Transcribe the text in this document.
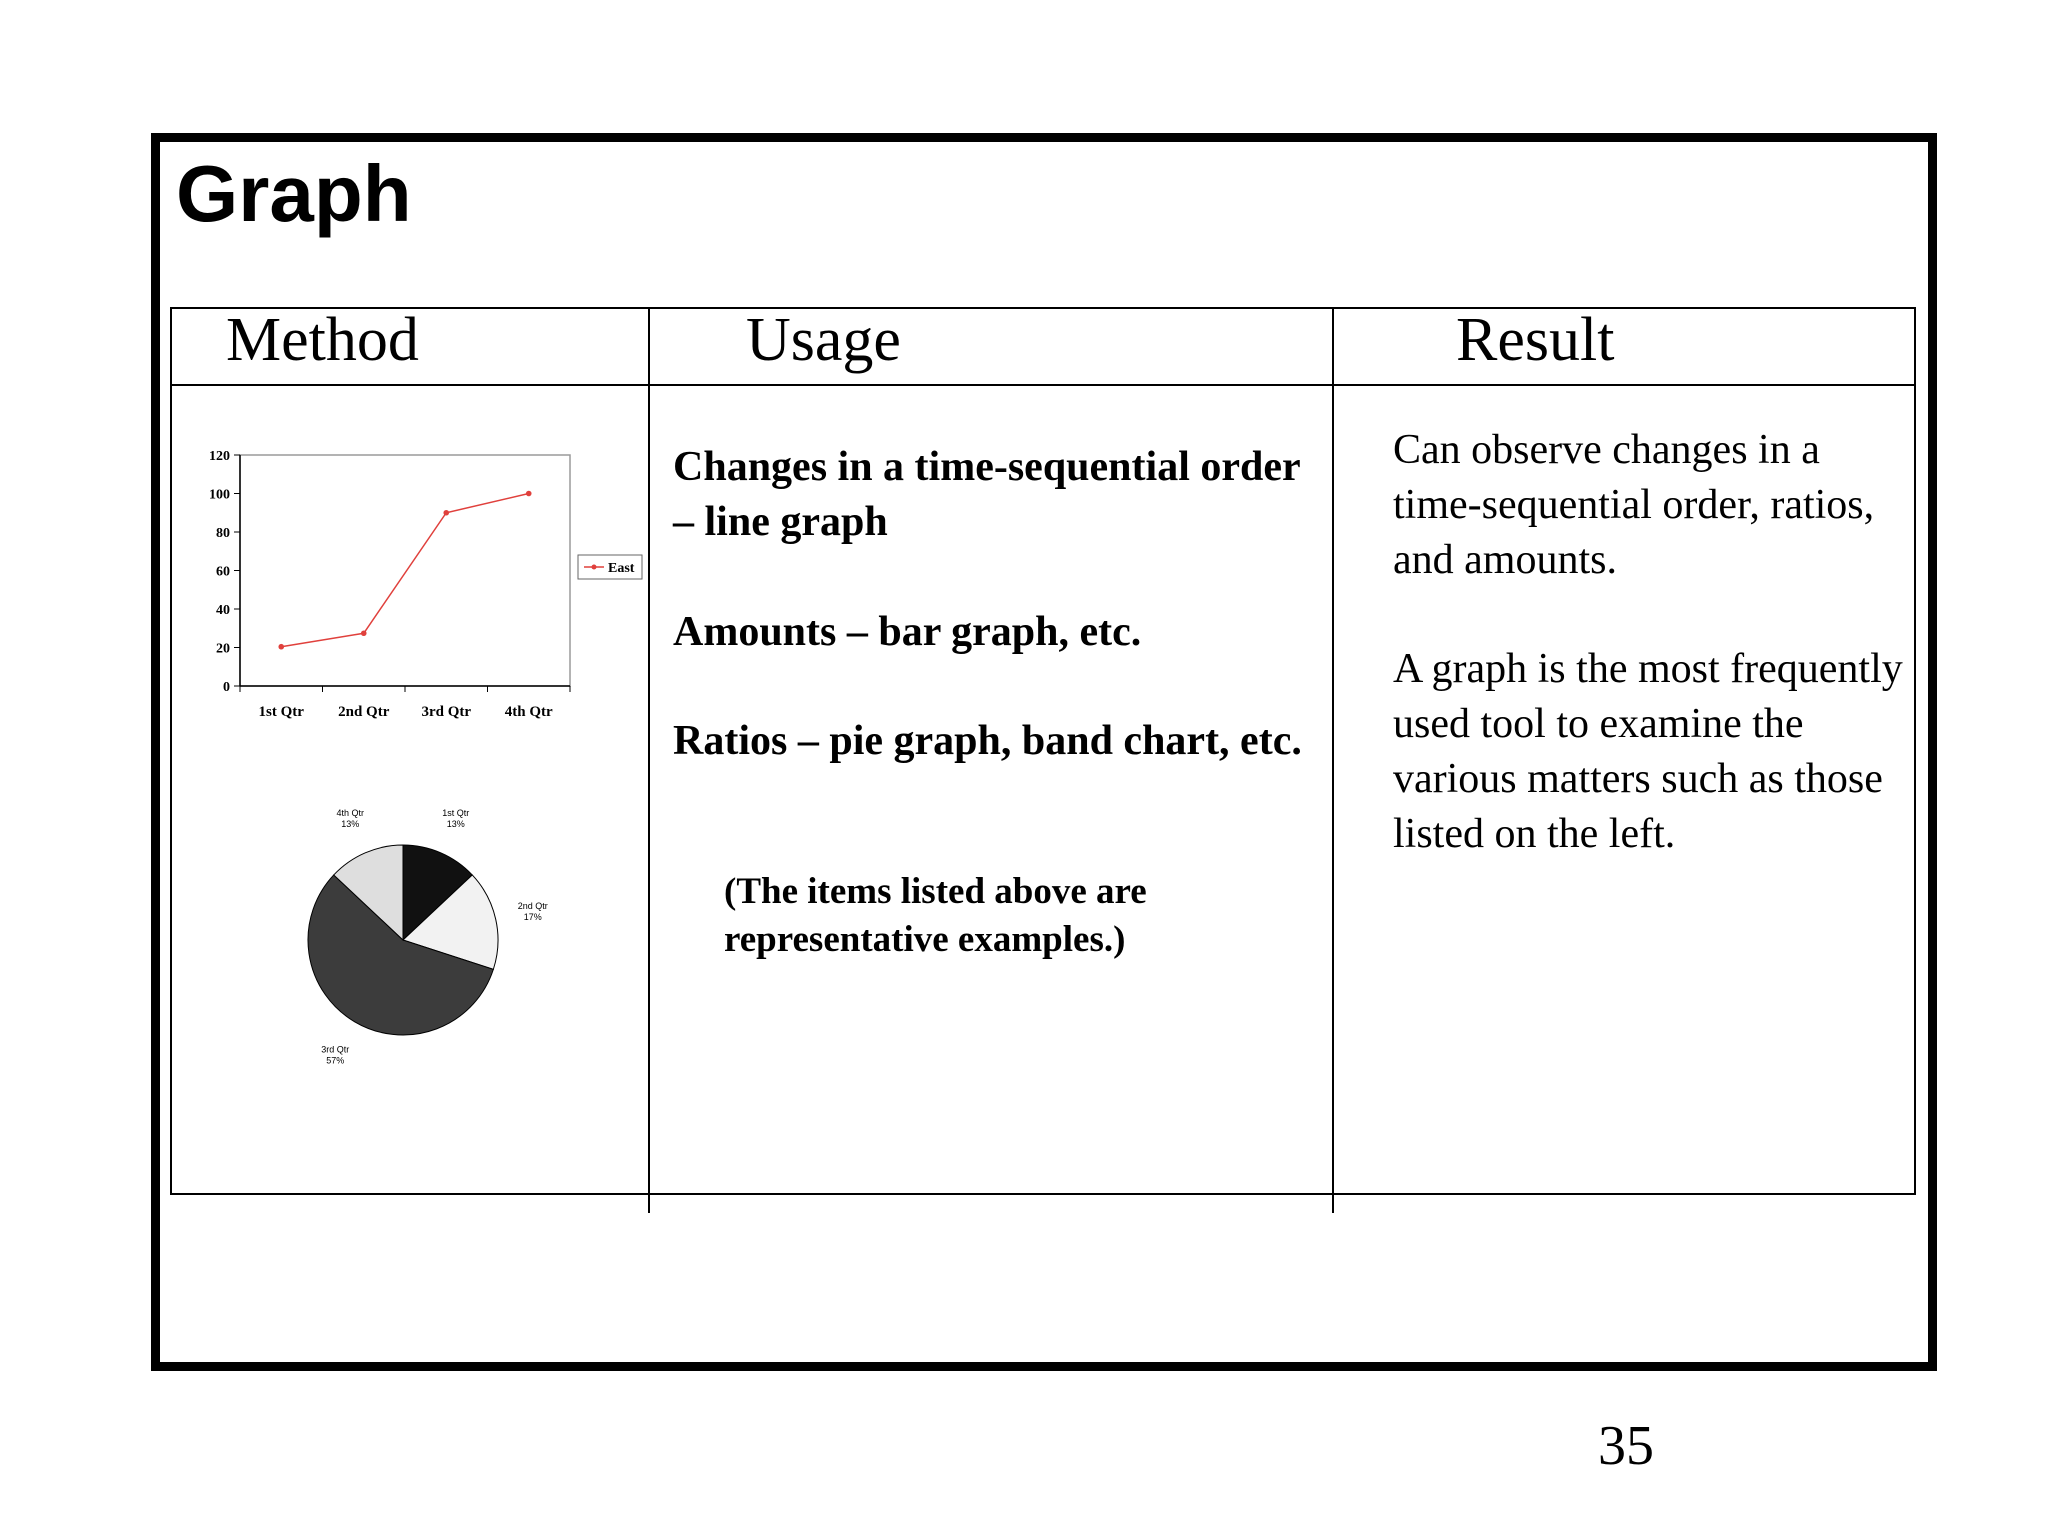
Graph
Method	Usage	Result
0
20
40
60
80
100
120
1st Qtr 2nd Qtr 3rd Qtr 4th Qtr
East
1st Qtr
13%
2nd Qtr
17%
3rd Qtr
57%
4th Qtr
13%

Changes in a time-sequential order – line graph

Amounts – bar graph, etc.

Ratios – pie graph, band chart, etc.

(The items listed above are representative examples.)

Can observe changes in a time-sequential order, ratios, and amounts.

A graph is the most frequently used tool to examine the various matters such as those listed on the left.

35
